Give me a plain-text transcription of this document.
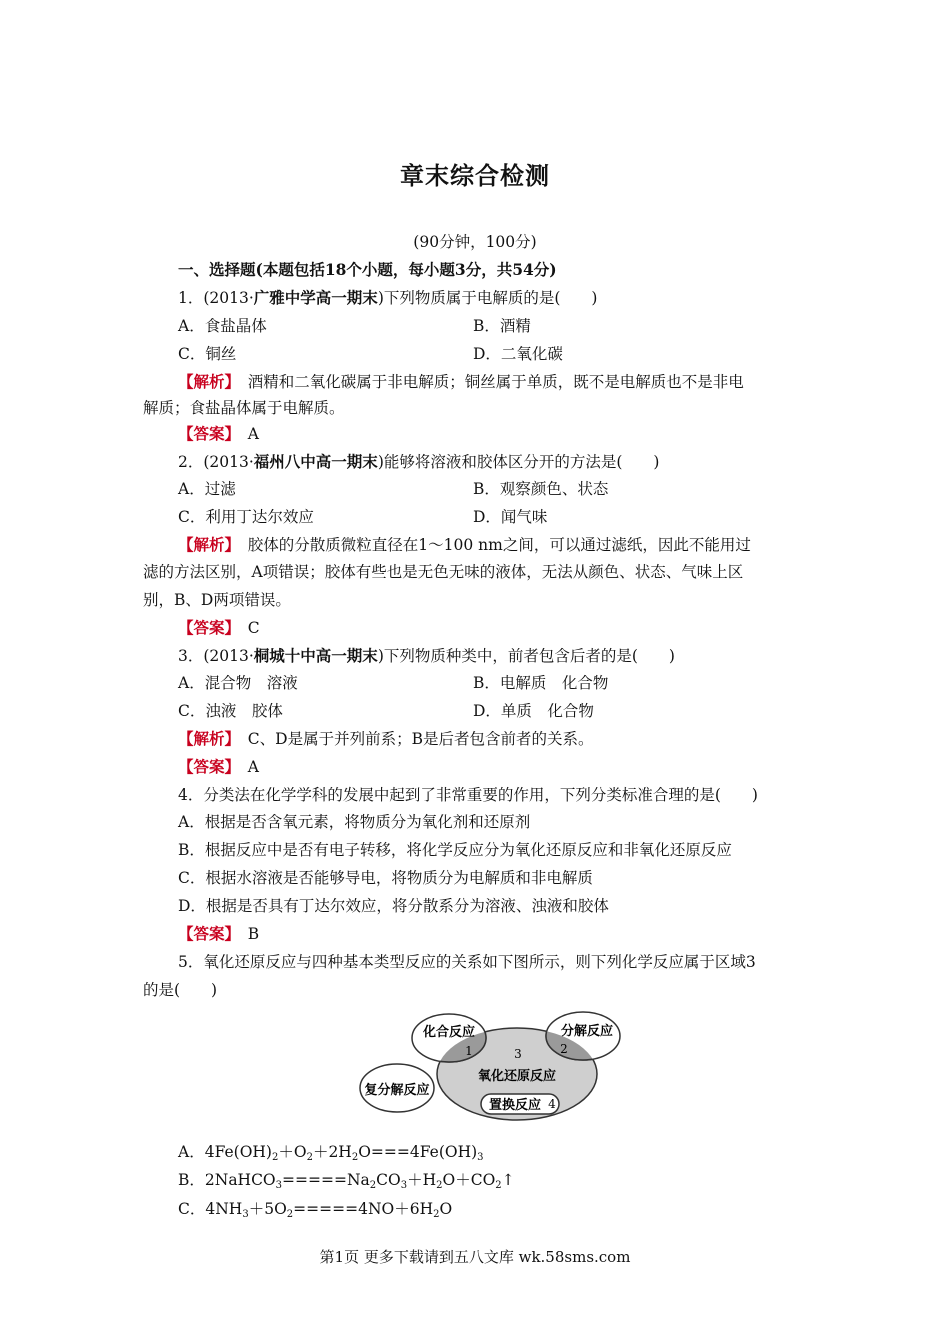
章末综合检测
(90分钟，100分)
一、选择题(本题包括18个小题，每小题3分，共54分)
1．(2013·广雅中学高一期末)下列物质属于电解质的是(　　)
A．食盐晶体	B．酒精
C．铜丝	D．二氧化碳
【解析】　 酒精和二氧化碳属于非电解质；铜丝属于单质，既不是电解质也不是非电
解质；食盐晶体属于电解质。
【答案】　 A
2．(2013·福州八中高一期末)能够将溶液和胶体区分开的方法是(　　)
A．过滤	B．观察颜色、状态
C．利用丁达尔效应	D．闻气味
【解析】　 胶体的分散质微粒直径在1～100 nm之间，可以通过滤纸，因此不能用过
滤的方法区别，A项错误；胶体有些也是无色无味的液体，无法从颜色、状态、气味上区
别，B、D两项错误。
【答案】　 C
3．(2013·桐城十中高一期末)下列物质种类中，前者包含后者的是(　　)
A．混合物　溶液	B．电解质　化合物
C．浊液　胶体	D．单质　化合物
【解析】　 C、D是属于并列前系；B是后者包含前者的关系。
【答案】　 A
4．分类法在化学学科的发展中起到了非常重要的作用，下列分类标准合理的是(　　)
A．根据是否含氧元素，将物质分为氧化剂和还原剂
B．根据反应中是否有电子转移，将化学反应分为氧化还原反应和非氧化还原反应
C．根据水溶液是否能够导电，将物质分为电解质和非电解质
D．根据是否具有丁达尔效应，将分散系分为溶液、浊液和胶体
【答案】　 B
5．氧化还原反应与四种基本类型反应的关系如下图所示，则下列化学反应属于区域3
的是(　　)
化合反应	分解反应
复分解反应
氧化还原反应
置换反应
1	2
3
4
A．$4Fe(OH)_2+O_2+2H_2O===4Fe(OH)_3$
B．$2NaHCO_3=====Na_2CO_3+H_2O+CO_2↑$
C．$4NH_3+5O_2=====4NO+6H_2O$
第1页 更多下载请到五八文库 wk.58sms.com
